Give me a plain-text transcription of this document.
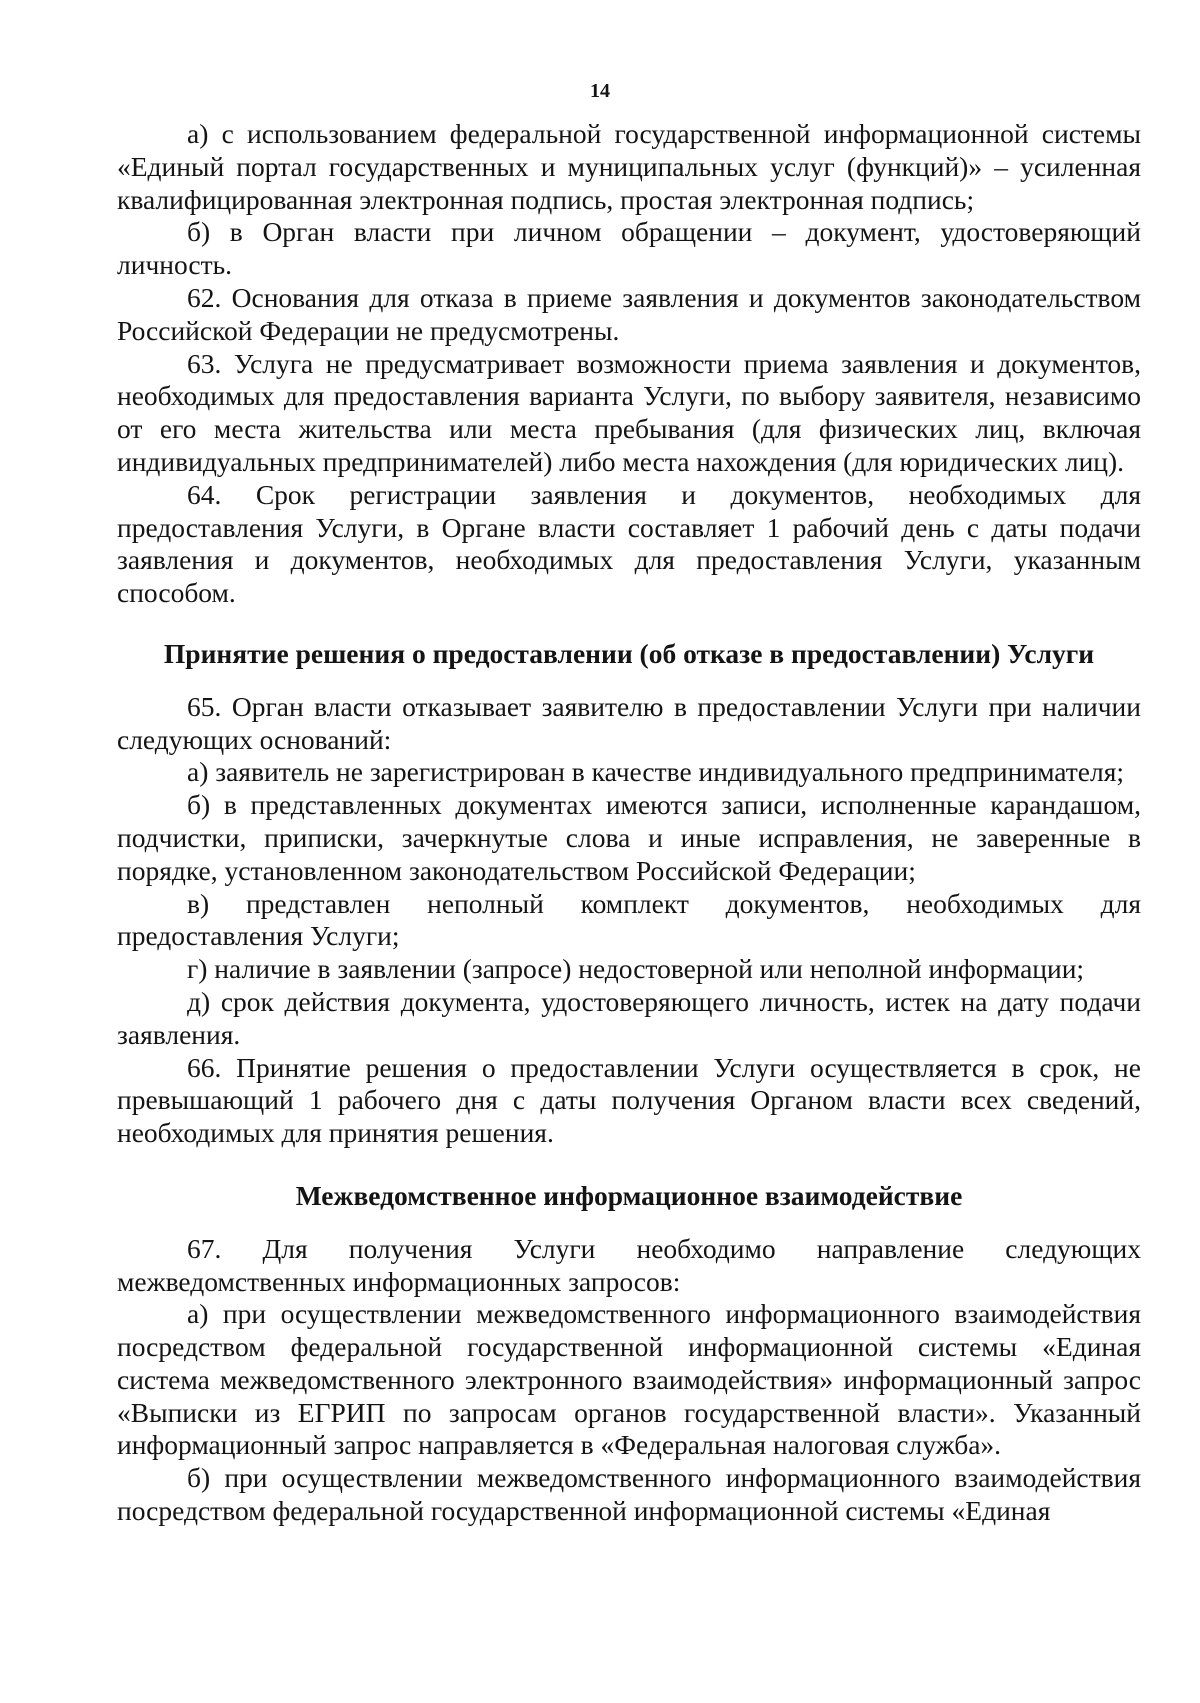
14

а) с использованием федеральной государственной информационной системы «Единый портал государственных и муниципальных услуг (функций)» – усиленная квалифицированная электронная подпись, простая электронная подпись;

б) в Орган власти при личном обращении – документ, удостоверяющий личность.

62. Основания для отказа в приеме заявления и документов законодательством Российской Федерации не предусмотрены.

63. Услуга не предусматривает возможности приема заявления и документов, необходимых для предоставления варианта Услуги, по выбору заявителя, независимо от его места жительства или места пребывания (для физических лиц, включая индивидуальных предпринимателей) либо места нахождения (для юридических лиц).

64. Срок регистрации заявления и документов, необходимых для предоставления Услуги, в Органе власти составляет 1 рабочий день с даты подачи заявления и документов, необходимых для предоставления Услуги, указанным способом.

Принятие решения о предоставлении (об отказе в предоставлении) Услуги

65. Орган власти отказывает заявителю в предоставлении Услуги при наличии следующих оснований:

а) заявитель не зарегистрирован в качестве индивидуального предпринимателя;

б) в представленных документах имеются записи, исполненные карандашом, подчистки, приписки, зачеркнутые слова и иные исправления, не заверенные в порядке, установленном законодательством Российской Федерации;

в) представлен неполный комплект документов, необходимых для предоставления Услуги;

г) наличие в заявлении (запросе) недостоверной или неполной информации;

д) срок действия документа, удостоверяющего личность, истек на дату подачи заявления.

66. Принятие решения о предоставлении Услуги осуществляется в срок, не превышающий 1 рабочего дня с даты получения Органом власти всех сведений, необходимых для принятия решения.

Межведомственное информационное взаимодействие

67. Для получения Услуги необходимо направление следующих межведомственных информационных запросов:

а) при осуществлении межведомственного информационного взаимодействия посредством федеральной государственной информационной системы «Единая система межведомственного электронного взаимодействия» информационный запрос «Выписки из ЕГРИП по запросам органов государственной власти». Указанный информационный запрос направляется в «Федеральная налоговая служба».

б) при осуществлении межведомственного информационного взаимодействия посредством федеральной государственной информационной системы «Единая
